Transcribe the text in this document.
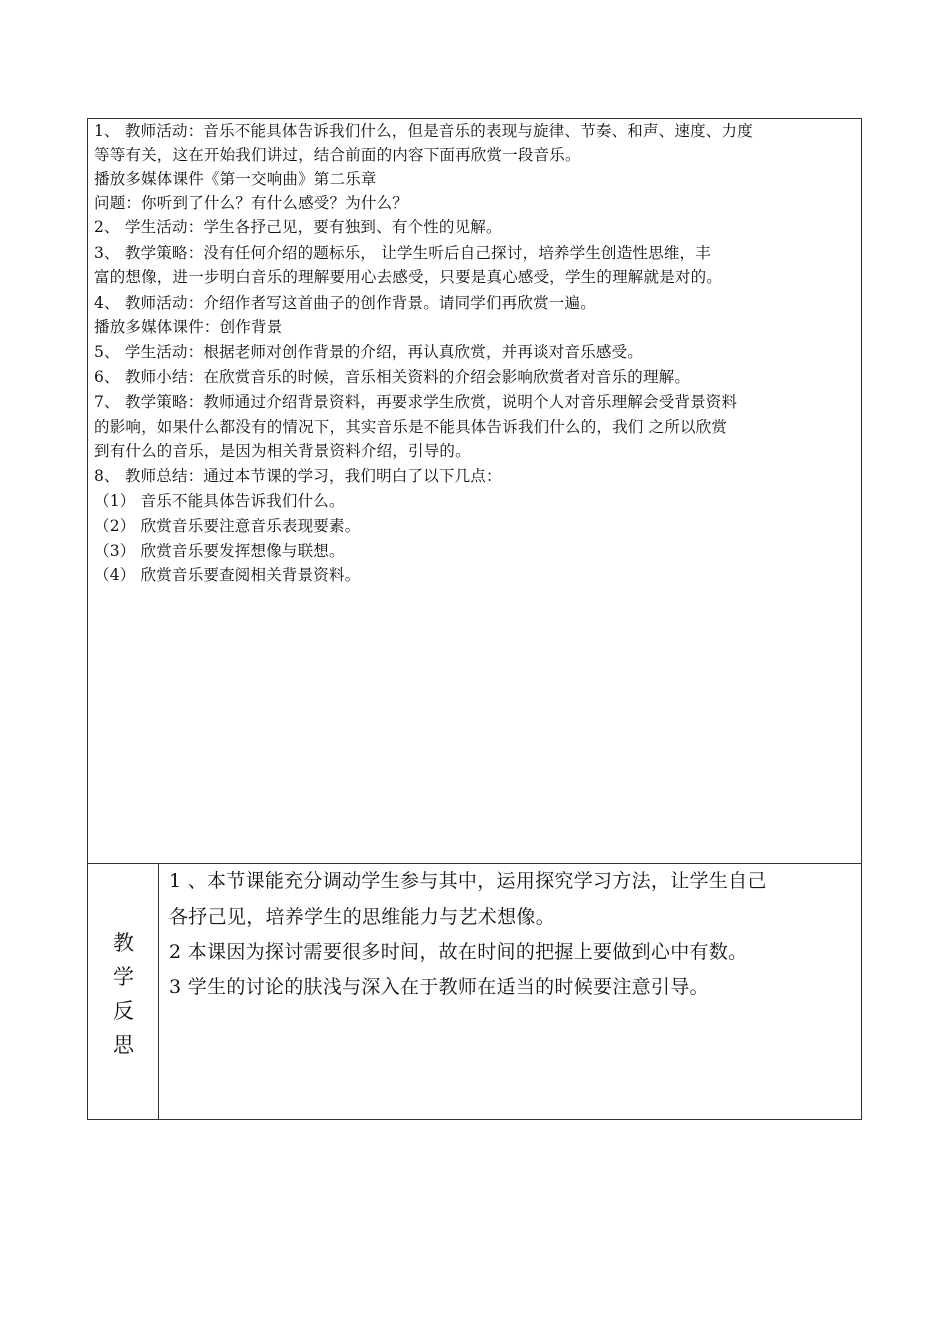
1、 教师活动：音乐不能具体告诉我们什么，但是音乐的表现与旋律、节奏、和声、速度、力度
等等有关，这在开始我们讲过，结合前面的内容下面再欣赏一段音乐。
播放多媒体课件《第一交响曲》第二乐章
问题：你听到了什么？有什么感受？为什么？
2、 学生活动：学生各抒己见，要有独到、有个性的见解。
3、 教学策略：没有任何介绍的题标乐， 让学生听后自己探讨，培养学生创造性思维，丰
富的想像，进一步明白音乐的理解要用心去感受，只要是真心感受，学生的理解就是对的。
4、 教师活动：介绍作者写这首曲子的创作背景。请同学们再欣赏一遍。
播放多媒体课件：创作背景
5、 学生活动：根据老师对创作背景的介绍，再认真欣赏，并再谈对音乐感受。
6、 教师小结：在欣赏音乐的时候，音乐相关资料的介绍会影响欣赏者对音乐的理解。
7、 教学策略：教师通过介绍背景资料，再要求学生欣赏，说明个人对音乐理解会受背景资料
的影响，如果什么都没有的情况下，其实音乐是不能具体告诉我们什么的，我们 之所以欣赏
到有什么的音乐，是因为相关背景资料介绍，引导的。
8、 教师总结：通过本节课的学习，我们明白了以下几点：
（1） 音乐不能具体告诉我们什么。
（2） 欣赏音乐要注意音乐表现要素。
（3） 欣赏音乐要发挥想像与联想。
（4） 欣赏音乐要查阅相关背景资料。
教
学
反
思
1 、本节课能充分调动学生参与其中，运用探究学习方法，让学生自己
各抒己见，培养学生的思维能力与艺术想像。
2 本课因为探讨需要很多时间，故在时间的把握上要做到心中有数。
3 学生的讨论的肤浅与深入在于教师在适当的时候要注意引导。
